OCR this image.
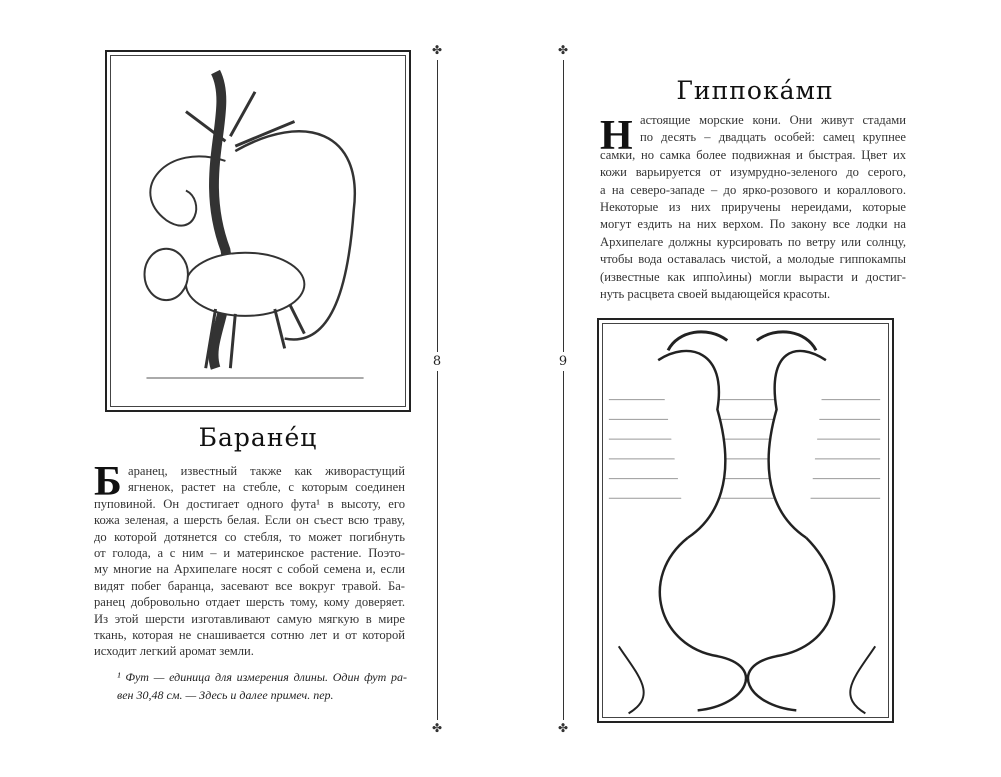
✤
✤
8
✤
✤
9
Баране́ц
Б аранец, известный также как живорастущий
ягненок, растет на стебле, с которым соединен
пуповиной. Он достигает одного фута¹ в высоту, его
кожа зеленая, а шерсть белая. Если он съест всю траву,
до которой дотянется со стебля, то может погибнуть
от голода, а с ним – и материнское растение. Поэто-
му многие на Архипелаге носят с собой семена и, если
видят побег баранца, засевают все вокруг травой. Ба-
ранец добровольно отдает шерсть тому, кому доверяет.
Из этой шерсти изготавливают самую мягкую в мире
ткань, которая не снашивается сотню лет и от которой
исходит легкий аромат земли.
¹ Фут — единица для измерения длины. Один фут ра-
вен 30,48 см. — Здесь и далее примеч. пер.
Гиппока́мп
Н астоящие морские кони. Они живут стадами
по десять – двадцать особей: самец крупнее
самки, но самка более подвижная и быстрая. Цвет их
кожи варьируется от изумрудно-зеленого до серого,
а на северо-западе – до ярко-розового и кораллового.
Некоторые из них приручены нереидами, которые
могут ездить на них верхом. По закону все лодки на
Архипелаге должны курсировать по ветру или солнцу,
чтобы вода оставалась чистой, а молодые гиппокампы
(известные как иппολины) могли вырасти и достиг-
нуть расцвета своей выдающейся красоты.
